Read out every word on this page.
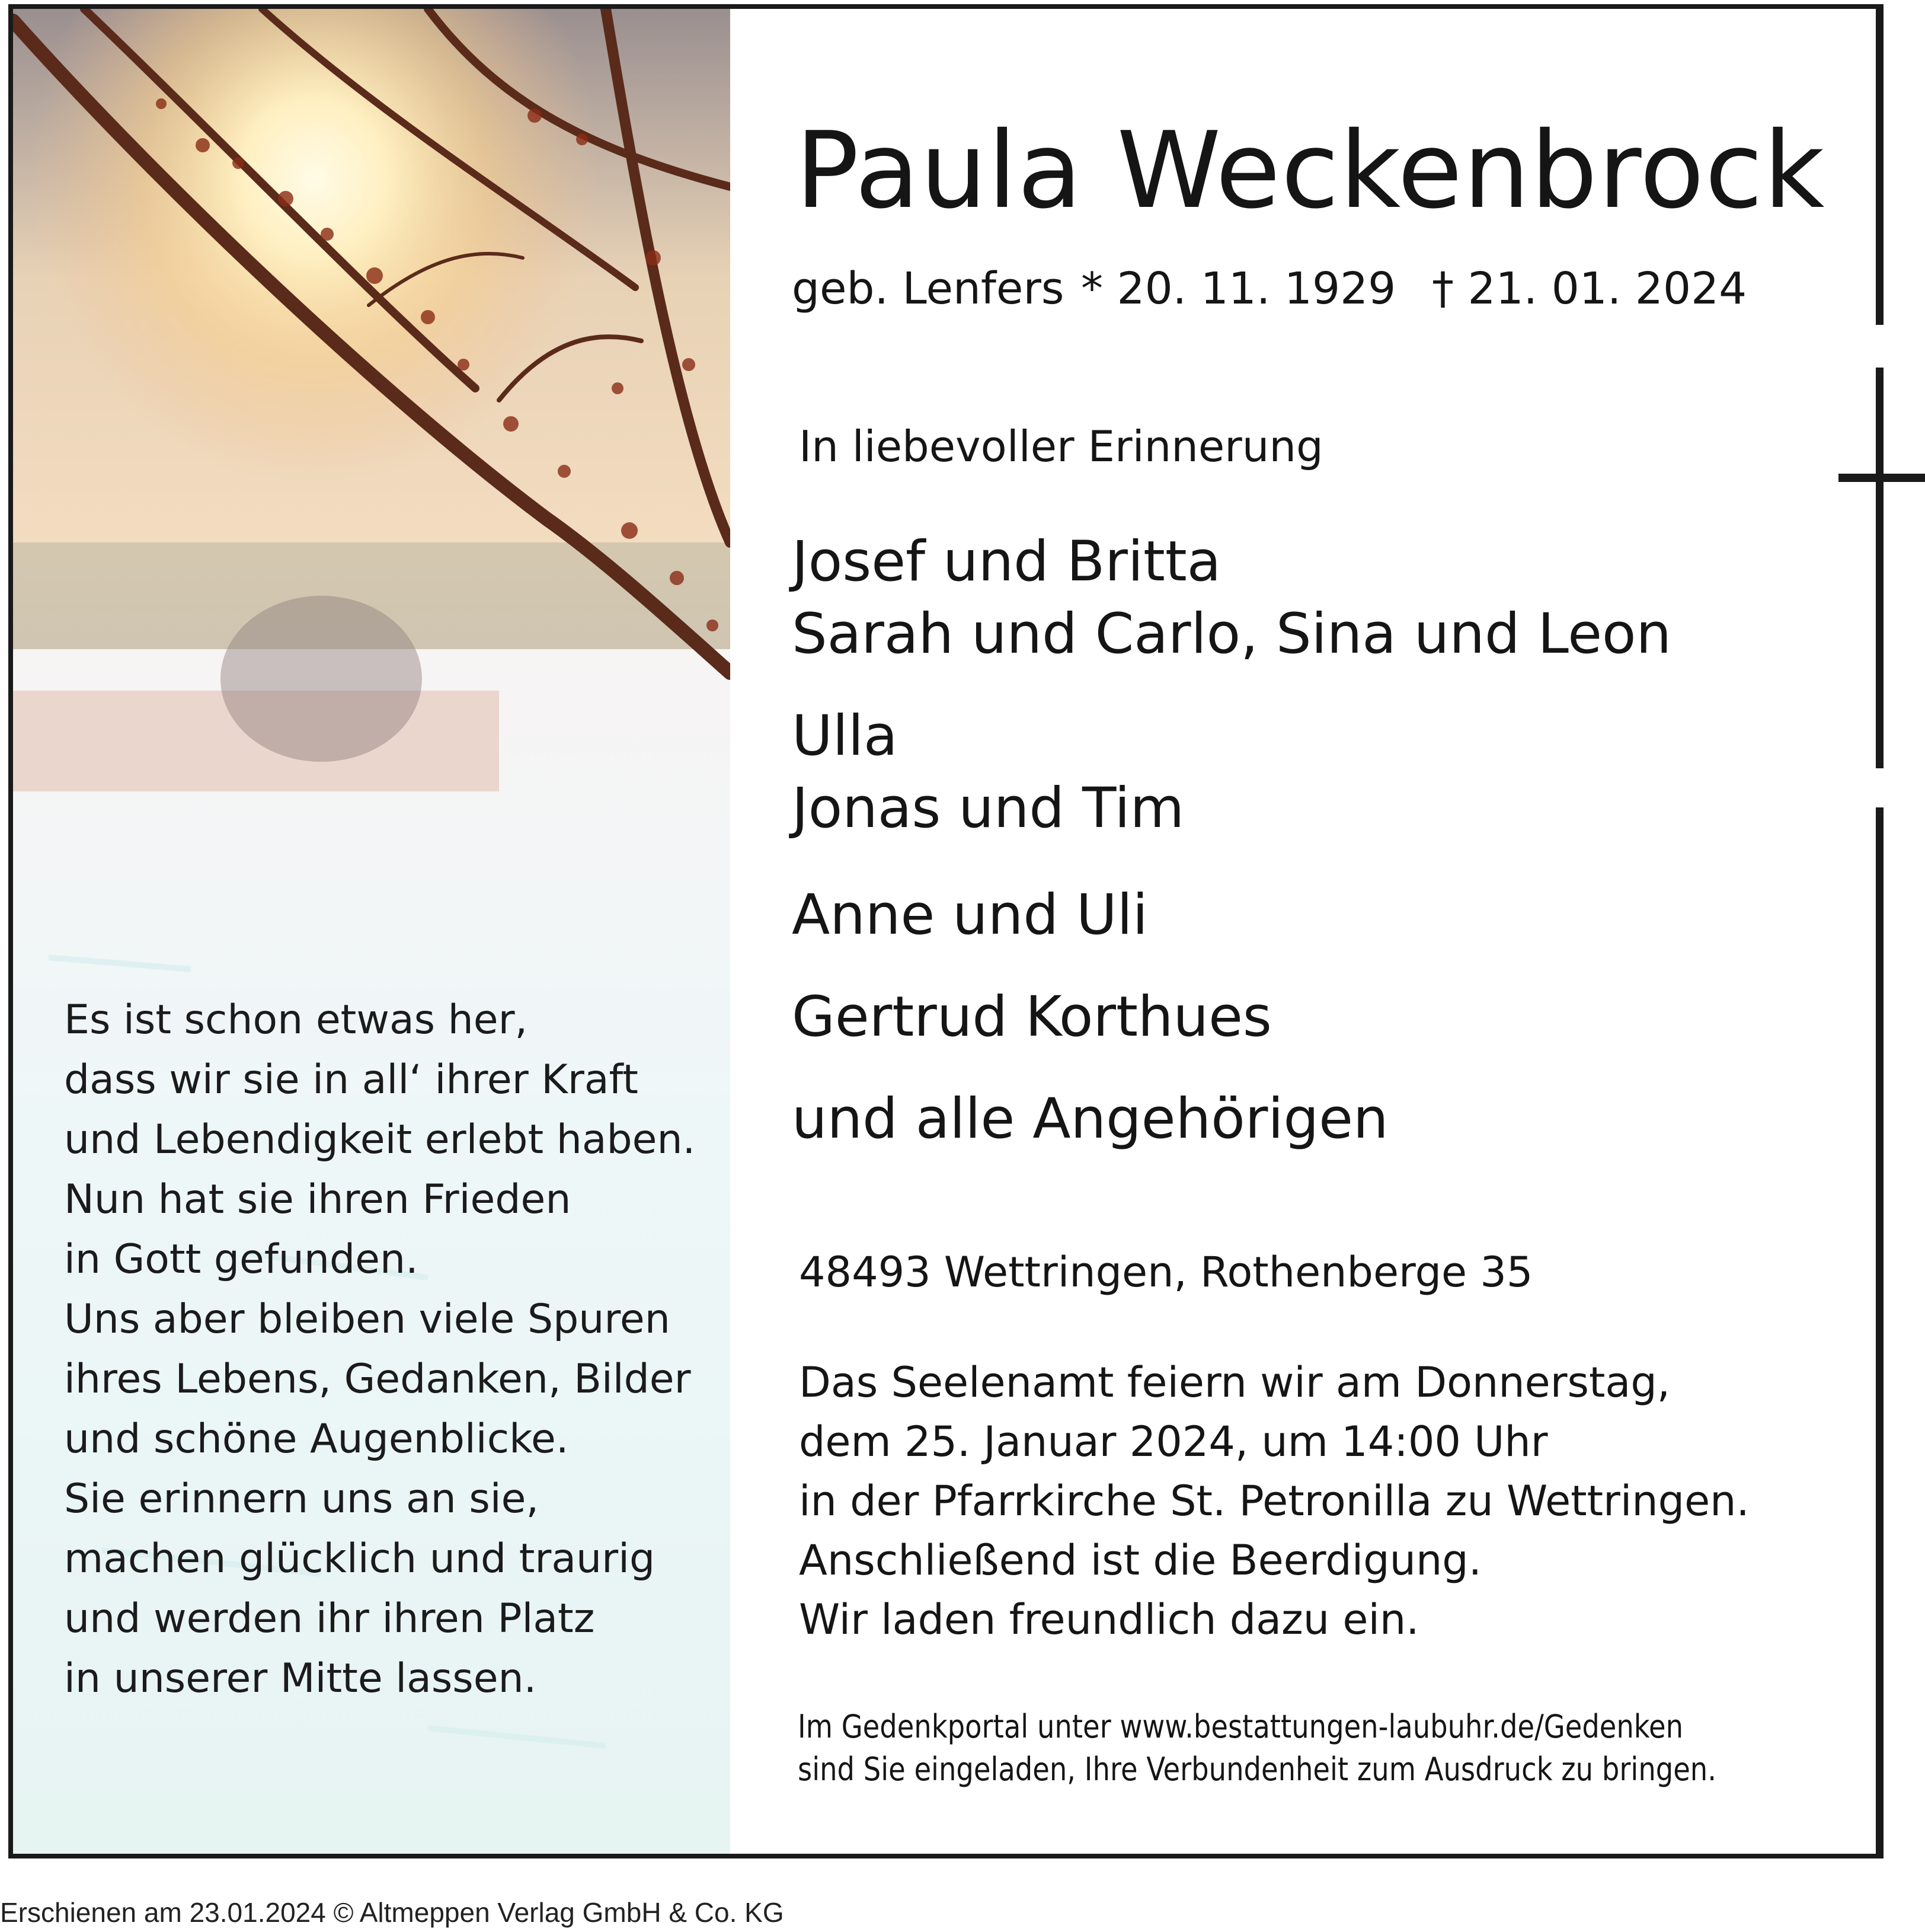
Es ist schon etwas her,
dass wir sie in all‘ ihrer Kraft
und Lebendigkeit erlebt haben.
Nun hat sie ihren Frieden
in Gott gefunden.
Uns aber bleiben viele Spuren
ihres Lebens, Gedanken, Bilder
und schöne Augenblicke.
Sie erinnern uns an sie,
machen glücklich und traurig
und werden ihr ihren Platz
in unserer Mitte lassen.
Paula Weckenbrock
geb. Lenfers * 20. 11. 1929 † 21. 01. 2024
In liebevoller Erinnerung
Josef und Britta
Sarah und Carlo, Sina und Leon
Ulla
Jonas und Tim
Anne und Uli
Gertrud Korthues
und alle Angehörigen
48493 Wettringen, Rothenberge 35
Das Seelenamt feiern wir am Donnerstag,
dem 25. Januar 2024, um 14:00 Uhr
in der Pfarrkirche St. Petronilla zu Wettringen.
Anschließend ist die Beerdigung.
Wir laden freundlich dazu ein.
Im Gedenkportal unter www.bestattungen-laubuhr.de/Gedenken
sind Sie eingeladen, Ihre Verbundenheit zum Ausdruck zu bringen.
Erschienen am 23.01.2024 © Altmeppen Verlag GmbH & Co. KG
